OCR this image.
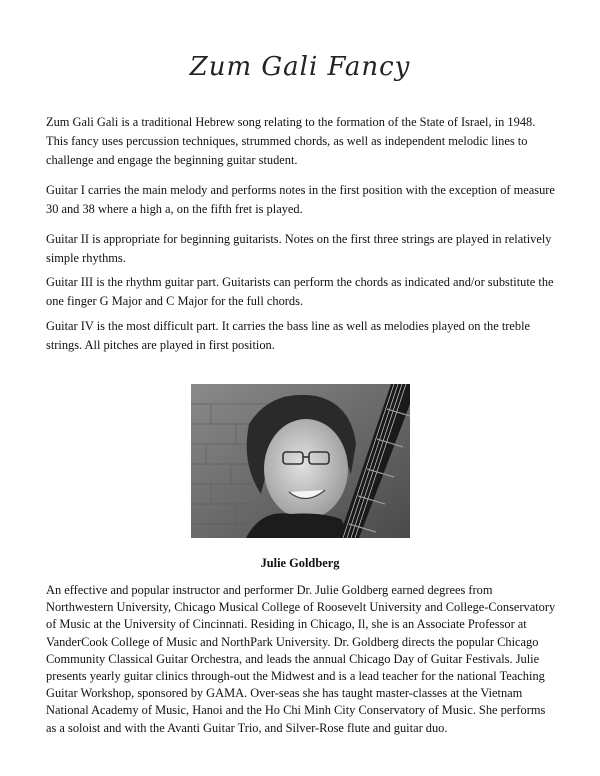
Zum Gali Fancy

Zum Gali Gali is a traditional Hebrew song relating to the formation of the State of Israel, in 1948. This fancy uses percussion techniques, strummed chords, as well as independent melodic lines to challenge and engage the beginning guitar student.

Guitar I carries the main melody and performs notes in the first position with the exception of measure 30 and 38 where a high a, on the fifth fret is played.

Guitar II is appropriate for beginning guitarists. Notes on the first three strings are played in relatively simple rhythms.

Guitar III is the rhythm guitar part. Guitarists can perform the chords as indicated and/or substitute the one finger G Major and C Major for the full chords.

Guitar IV is the most difficult part. It carries the bass line as well as melodies played on the treble strings. All pitches are played in first position.

Julie Goldberg

An effective and popular instructor and performer Dr. Julie Goldberg earned degrees from Northwestern University, Chicago Musical College of Roosevelt University and College-Conservatory of Music at the University of Cincinnati. Residing in Chicago, Il, she is an Associate Professor at VanderCook College of Music and NorthPark University. Dr. Goldberg directs the popular Chicago Community Classical Guitar Orchestra, and leads the annual Chicago Day of Guitar Festivals. Julie presents yearly guitar clinics through-out the Midwest and is a lead teacher for the national Teaching Guitar Workshop, sponsored by GAMA. Over-seas she has taught master-classes at the Vietnam National Academy of Music, Hanoi and the Ho Chi Minh City Conservatory of Music. She performs as a soloist and with the Avanti Guitar Trio, and Silver-Rose flute and guitar duo.
